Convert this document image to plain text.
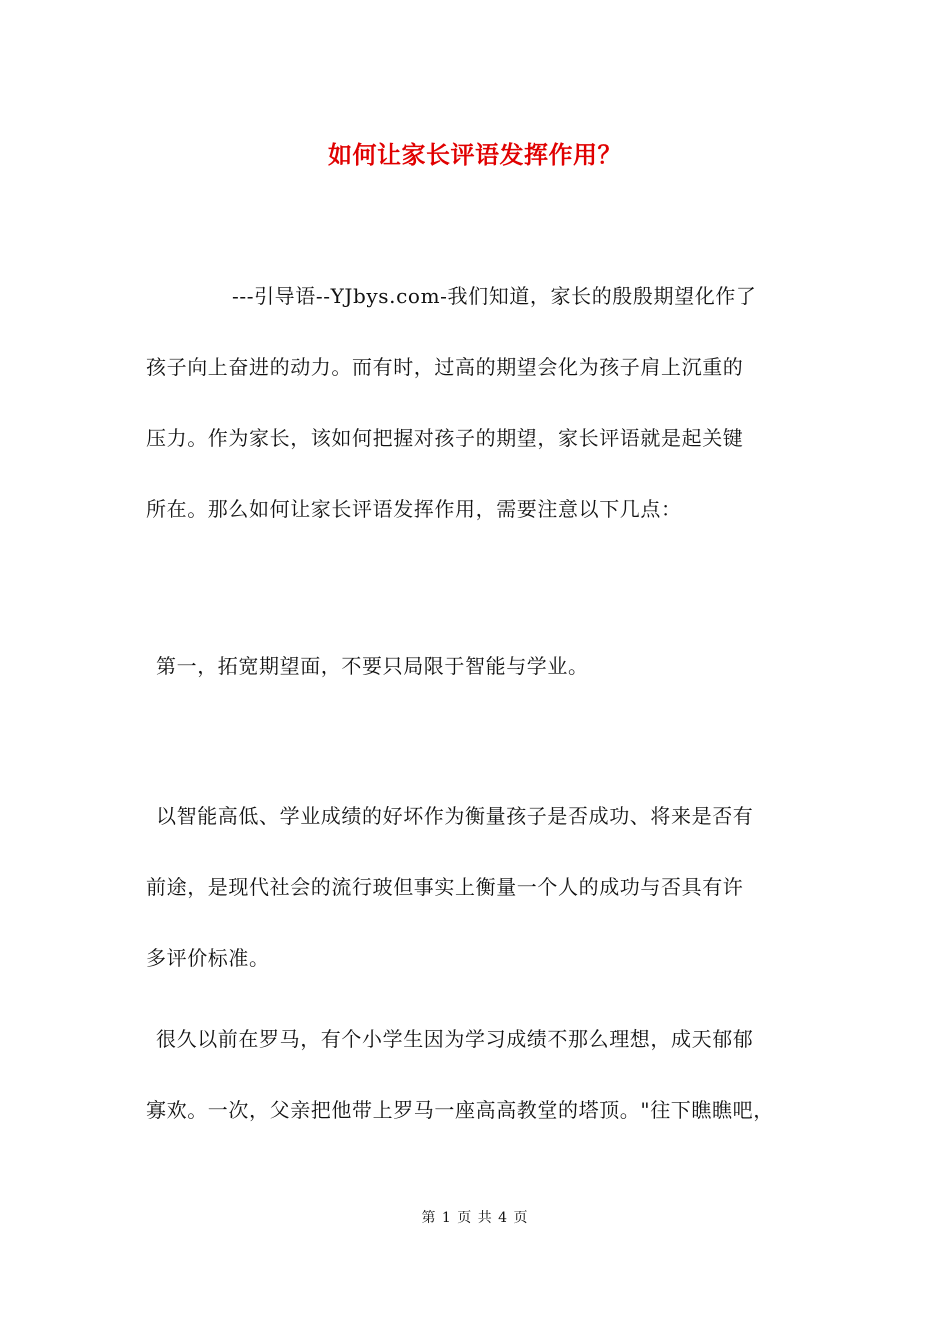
如何让家长评语发挥作用？
---引导语--YJbys.com-我们知道，家长的殷殷期望化作了
孩子向上奋进的动力。而有时，过高的期望会化为孩子肩上沉重的
压力。作为家长，该如何把握对孩子的期望，家长评语就是起关键
所在。那么如何让家长评语发挥作用，需要注意以下几点：
第一，拓宽期望面，不要只局限于智能与学业。
以智能高低、学业成绩的好坏作为衡量孩子是否成功、将来是否有
前途，是现代社会的流行玻但事实上衡量一个人的成功与否具有许
多评价标准。
很久以前在罗马，有个小学生因为学习成绩不那么理想，成天郁郁
寡欢。一次，父亲把他带上罗马一座高高教堂的塔顶。"往下瞧瞧吧，
第 1 页 共 4 页
